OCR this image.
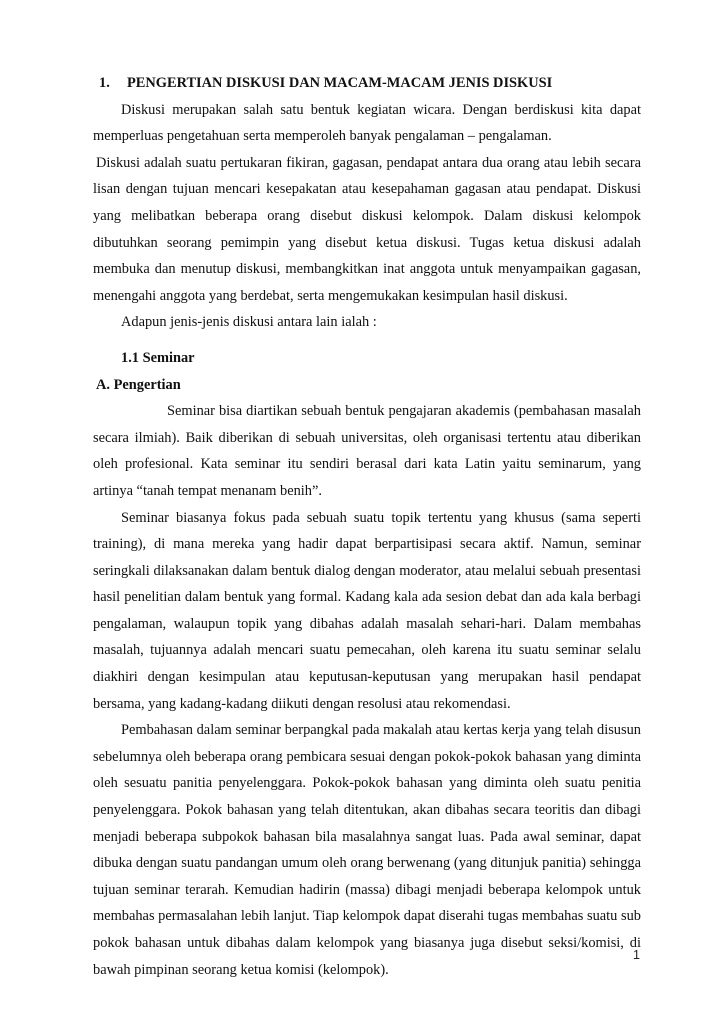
1. PENGERTIAN DISKUSI DAN MACAM-MACAM JENIS DISKUSI

Diskusi merupakan salah satu bentuk kegiatan wicara. Dengan berdiskusi kita dapat memperluas pengetahuan serta memperoleh banyak pengalaman – pengalaman.

Diskusi adalah suatu pertukaran fikiran, gagasan, pendapat antara dua orang atau lebih secara lisan dengan tujuan mencari kesepakatan atau kesepahaman gagasan atau pendapat. Diskusi yang melibatkan beberapa orang disebut diskusi kelompok. Dalam diskusi kelompok dibutuhkan seorang pemimpin yang disebut ketua diskusi. Tugas ketua diskusi adalah membuka dan menutup diskusi, membangkitkan inat anggota untuk menyampaikan gagasan, menengahi anggota yang berdebat, serta mengemukakan kesimpulan hasil diskusi.

Adapun jenis-jenis diskusi antara lain ialah :

1.1 Seminar
A. Pengertian

Seminar bisa diartikan sebuah bentuk pengajaran akademis (pembahasan masalah secara ilmiah). Baik diberikan di sebuah universitas, oleh organisasi tertentu atau diberikan oleh profesional. Kata seminar itu sendiri berasal dari kata Latin yaitu seminarum, yang artinya “tanah tempat menanam benih”.

Seminar biasanya fokus pada sebuah suatu topik tertentu yang khusus (sama seperti training), di mana mereka yang hadir dapat berpartisipasi secara aktif. Namun, seminar seringkali dilaksanakan dalam bentuk dialog dengan moderator, atau melalui sebuah presentasi hasil penelitian dalam bentuk yang formal. Kadang kala ada sesion debat dan ada kala berbagi pengalaman, walaupun topik yang dibahas adalah masalah sehari-hari. Dalam membahas masalah, tujuannya adalah mencari suatu pemecahan, oleh karena itu suatu seminar selalu diakhiri dengan kesimpulan atau keputusan-keputusan yang merupakan hasil pendapat bersama, yang kadang-kadang diikuti dengan resolusi atau rekomendasi.

Pembahasan dalam seminar berpangkal pada makalah atau kertas kerja yang telah disusun sebelumnya oleh beberapa orang pembicara sesuai dengan pokok-pokok bahasan yang diminta oleh sesuatu panitia penyelenggara. Pokok-pokok bahasan yang diminta oleh suatu penitia penyelenggara. Pokok bahasan yang telah ditentukan, akan dibahas secara teoritis dan dibagi menjadi beberapa subpokok bahasan bila masalahnya sangat luas. Pada awal seminar, dapat dibuka dengan suatu pandangan umum oleh orang berwenang (yang ditunjuk panitia) sehingga tujuan seminar terarah. Kemudian hadirin (massa) dibagi menjadi beberapa kelompok untuk membahas permasalahan lebih lanjut. Tiap kelompok dapat diserahi tugas membahas suatu sub pokok bahasan untuk dibahas dalam kelompok yang biasanya juga disebut seksi/komisi, di bawah pimpinan seorang ketua komisi (kelompok).

1
